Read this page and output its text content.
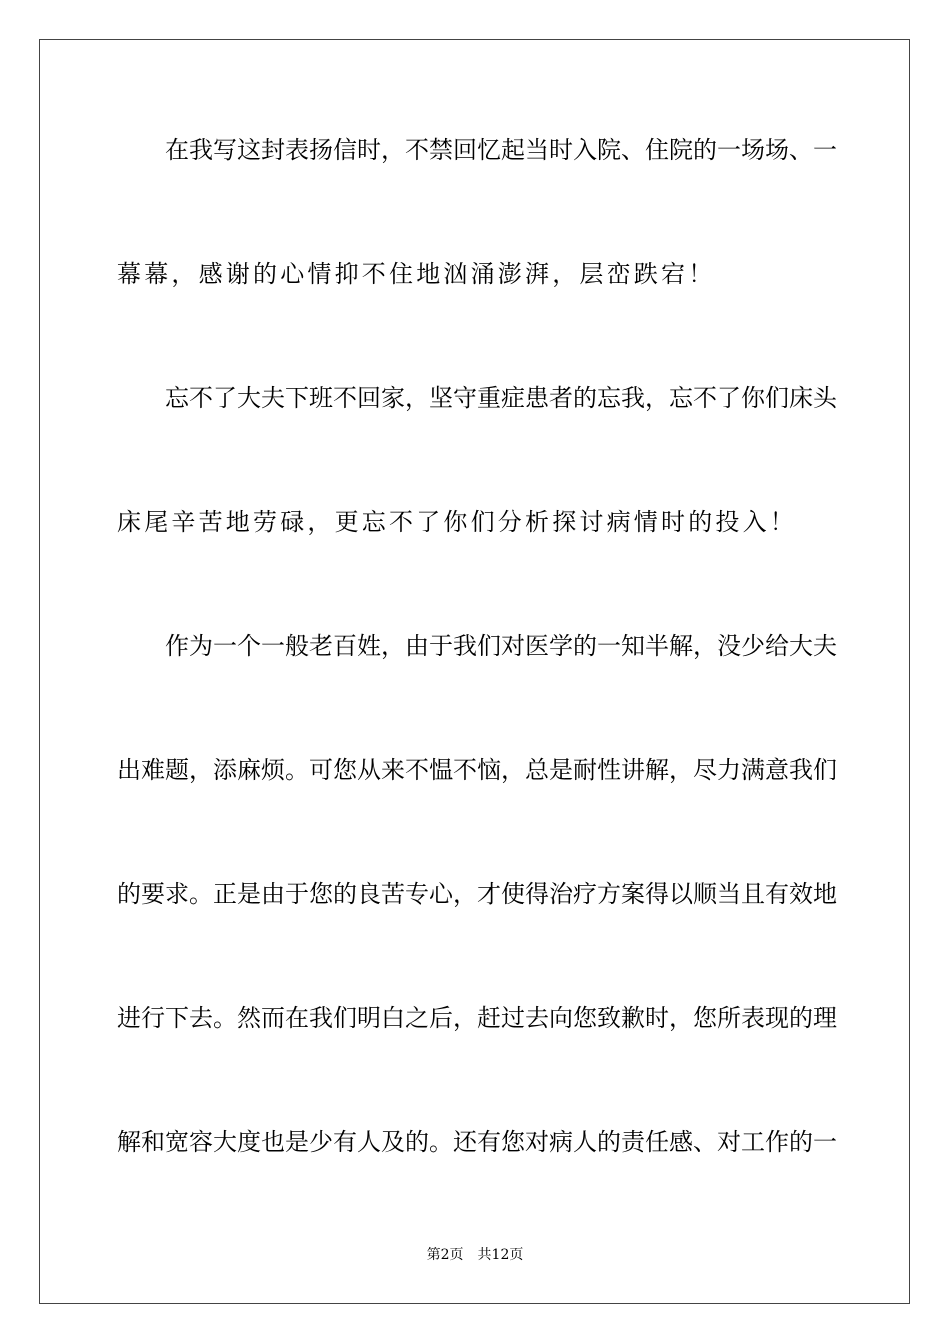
在我写这封表扬信时，不禁回忆起当时入院、住院的一场场、一
幕幕，感谢的心情抑不住地汹涌澎湃，层峦跌宕！
忘不了大夫下班不回家，坚守重症患者的忘我，忘不了你们床头
床尾辛苦地劳碌，更忘不了你们分析探讨病情时的投入！
作为一个一般老百姓，由于我们对医学的一知半解，没少给大夫
出难题，添麻烦。可您从来不愠不恼，总是耐性讲解，尽力满意我们
的要求。正是由于您的良苦专心，才使得治疗方案得以顺当且有效地
进行下去。然而在我们明白之后，赶过去向您致歉时，您所表现的理
解和宽容大度也是少有人及的。还有您对病人的责任感、对工作的一
第2页 共12页
